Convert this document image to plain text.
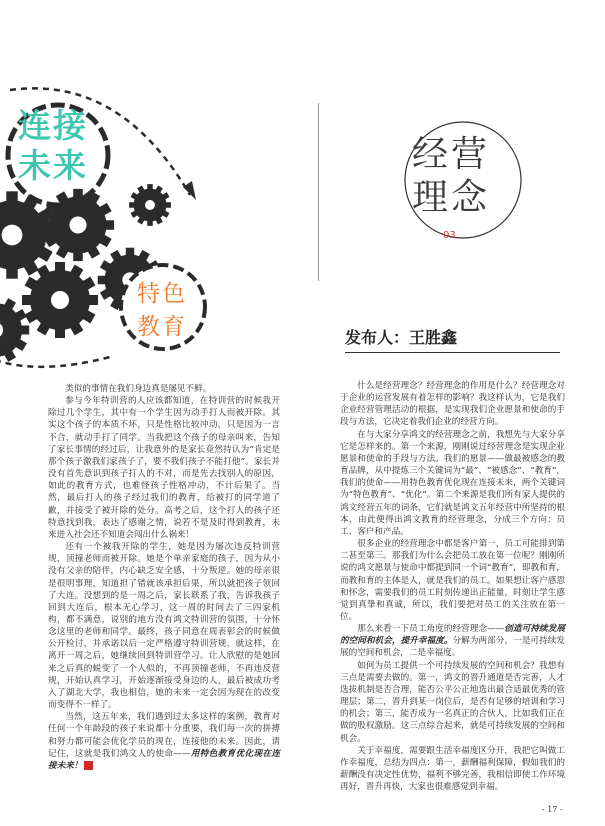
连接
未来
特色
教育
经营
理念
03
发布人：王胜鑫

类似的事情在我们身边真是屡见不鲜。

参与今年特训营的人应该都知道，在特训营的时候我开除过几个学生，其中有一个学生因为动手打人而被开除。其实这个孩子的本质不坏，只是性格比较冲动，只是因为一言不合，就动手打了同学。当我把这个孩子的母亲叫来，告知了家长事情的经过后，让我意外的是家长竟然持认为“肯定是那个孩子激我们家孩子了，要不我们孩子不能打他”。家长并没有首先意识到孩子打人的不对，而是先去找别人的原因，如此的教育方式，也难怪孩子性格冲动，不计后果了。当然，最后打人的孩子经过我们的教育，给被打的同学道了歉，并接受了被开除的处分。高考之后，这个打人的孩子还特意找到我，表达了感谢之情，说若不是及时得到教育，未来进入社会还不知道会闯出什么祸来！

还有一个被我开除的学生，她是因为屡次违反特训营规，顶撞老师而被开除。她是个单亲家庭的孩子，因为从小没有父亲的陪伴，内心缺乏安全感，十分叛逆。她的母亲很是很明事理，知道担了错就该承担后果，所以就把孩子领回了大连。没想到的是一周之后，家长联系了我，告诉我孩子回到大连后，根本无心学习，这一周的时间去了三四家机构，都不满意，说别的地方没有鸿文特训营的氛围，十分怀念这里的老师和同学。最终，孩子同意在周表彰会的时候做公开检讨，并承诺以后一定严格遵守特训营规，就这样，在离开一周之后，她继续回到特训营学习。让人欣慰的是她回来之后真的蜕变了一个人似的，不再顶撞老师，不再违反营规，开始认真学习，开始逐渐接受身边的人，最后被成功考入了湖北大学，我也相信，她的未来一定会因为现在的改变而变得不一样了。

当然，这五年来，我们遇到过太多这样的案例，教育对任何一个年龄段的孩子来说都十分重要，我们每一次的拼搏和努力都可能会优化学员的现在，连接他的未来。因此，请记住，这就是我们鸿文人的使命——用特色教育优化现在连接未来！	鸿

什么是经营理念？经营理念的作用是什么？经营理念对于企业的运营发展有着怎样的影响？我这样认为，它是我们企业经营管理活动的根据，是实现我们企业愿景和使命的手段与方法，它决定着我们企业的经营方向。

在与大家分享鸿文的经营理念之前，我想先与大家分享它是怎样来的。第一个来源，刚刚说过经营理念是实现企业愿景和使命的手段与方法。我们的愿景——做最被感念的教育品牌，从中提炼三个关键词为“最”、“被感念”、“教育”，我们的使命——用特色教育优化现在连接未来，两个关键词为“特色教育”、“优化”。第二个来源是我们所有家人提供的鸿文经营五年的词条，它们就是鸿文五年经营中所坚持的根本，由此便得出鸿文教育的经营理念，分成三个方向：员工、客户和产品。

很多企业的经营理念中都是客户第一，员工可能排到第二甚至第三。那我们为什么会把员工放在第一位呢？刚刚所说的鸿文愿景与使命中都提到同一个词“教育”，即教和育，而教和育的主体是人，就是我们的员工。如果想让客户感恩和怀念，需要我们的员工时刻传递出正能量，时刻让学生感觉到真挚和真诚，所以，我们要把对员工的关注放在第一位。

那么来看一下员工角度的经营理念——创造可持续发展的空间和机会，提升幸福度。分解为两部分，一是可持续发展的空间和机会，二是幸福度。

如何为员工提供一个可持续发展的空间和机会？我想有三点是需要去做的。第一，鸿文的晋升通道是否完善，人才选拔机制是否合理，能否公平公正地选出最合适最优秀的管理层；第二，晋升到某一岗位后，是否有足够的培训和学习的机会；第三，能否成为一名真正的合伙人，比如我们正在做的股权激励。这三点综合起来，就是可持续发展的空间和机会。

关于幸福度，需要跟生活幸福度区分开，我把它叫做工作幸福度，总结为四点：第一，薪酬福利保障，假如我们的薪酬没有决定性优势，福利不够完善，我相信即使工作环境再好，晋升再快，大家也很难感觉到幸福。

- 17 -
